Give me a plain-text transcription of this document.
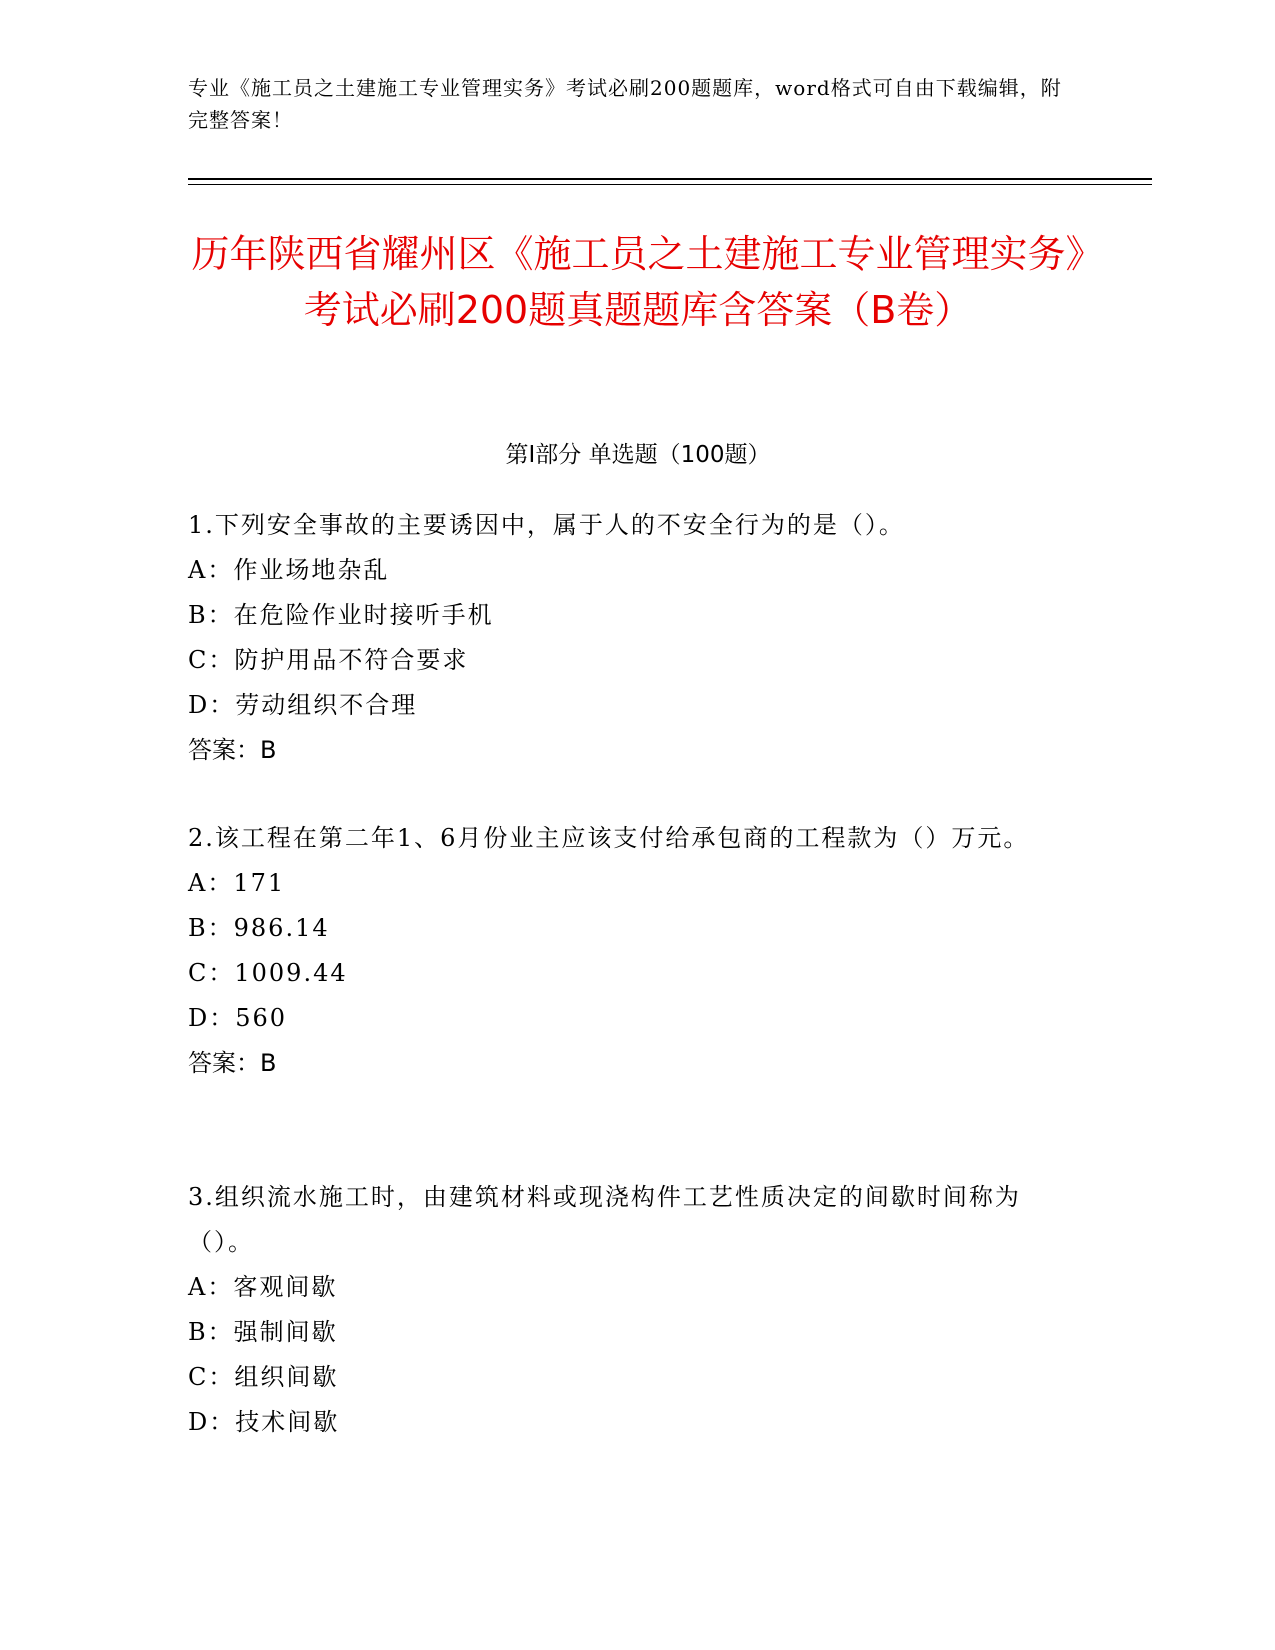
专业《施工员之土建施工专业管理实务》考试必刷200题题库，word格式可自由下载编辑，附完整答案！
历年陕西省耀州区《施工员之土建施工专业管理实务》考试必刷200题真题题库含答案（B卷）
第Ⅰ部分 单选题（100题）

1.下列安全事故的主要诱因中，属于人的不安全行为的是（）。

A：作业场地杂乱

B：在危险作业时接听手机

C：防护用品不符合要求

D：劳动组织不合理

答案：B

2.该工程在第二年1、6月份业主应该支付给承包商的工程款为（）万元。

A：171

B：986.14

C：1009.44

D：560

答案：B

3.组织流水施工时，由建筑材料或现浇构件工艺性质决定的间歇时间称为（）。

A：客观间歇

B：强制间歇

C：组织间歇

D：技术间歇
